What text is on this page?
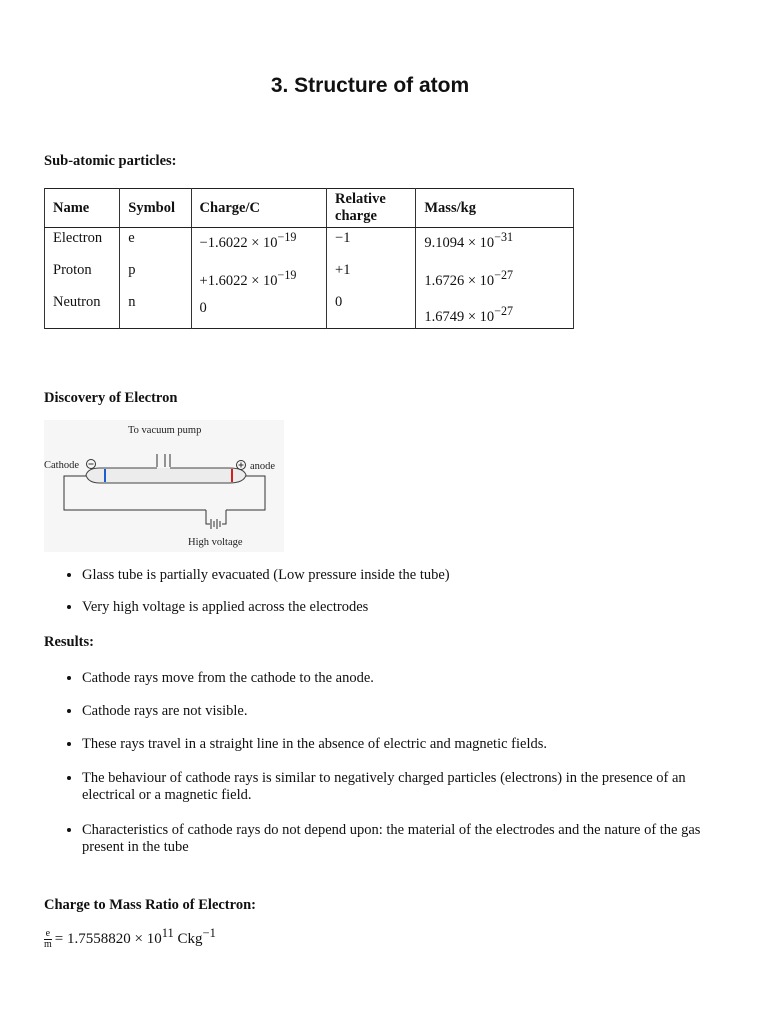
3. Structure of atom
Sub-atomic particles:
Name	Symbol	Charge/C	Relative charge	Mass/kg
Electron	e	$-1.6022 \times 10^{-19}$	−1	$9.1094 \times 10^{-31}$
Proton	p	$+1.6022 \times 10^{-19}$	+1	$1.6726 \times 10^{-27}$
Neutron	n	0	0	$1.6749 \times 10^{-27}$
Discovery of Electron
To vacuum pump
Cathode	anode
High voltage
• Glass tube is partially evacuated (Low pressure inside the tube)
• Very high voltage is applied across the electrodes
Results:
• Cathode rays move from the cathode to the anode.
• Cathode rays are not visible.
• These rays travel in a straight line in the absence of electric and magnetic fields.
• The behaviour of cathode rays is similar to negatively charged particles (electrons) in the presence of an electrical or a magnetic field.
• Characteristics of cathode rays do not depend upon: the material of the electrodes and the nature of the gas present in the tube
Charge to Mass Ratio of Electron:
$\frac{e}{m} = 1.7558820 \times 10^{11}$ Ckg$^{-1}$
